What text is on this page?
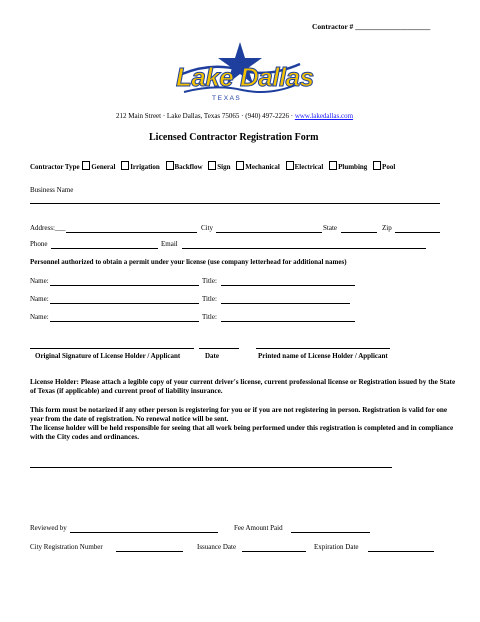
Contractor # ____________________
Lake Dallas
T E X A S
212 Main Street · Lake Dallas, Texas 75065 · (940) 497-2226 · www.lakedallas.com
Licensed Contractor Registration Form
Contractor Type General Irrigation Backflow Sign Mechanical Electrical Plumbing Pool
Business Name
Address:___	City	State	Zip
Phone	Email
Personnel authorized to obtain a permit under your license (use company letterhead for additional names)
Name:	Title:
Name:	Title:
Name:	Title:
Original Signature of License Holder / Applicant	Date	Printed name of License Holder / Applicant
License Holder: Please attach a legible copy of your current driver's license, current professional license or Registration issued by the State of Texas (if applicable) and current proof of liability insurance.
This form must be notarized if any other person is registering for you or if you are not registering in person. Registration is valid for one year from the date of registration. No renewal notice will be sent.
The license holder will be held responsible for seeing that all work being performed under this registration is completed and in compliance with the City codes and ordinances.
Reviewed by	Fee Amount Paid
City Registration Number	Issuance Date	Expiration Date
